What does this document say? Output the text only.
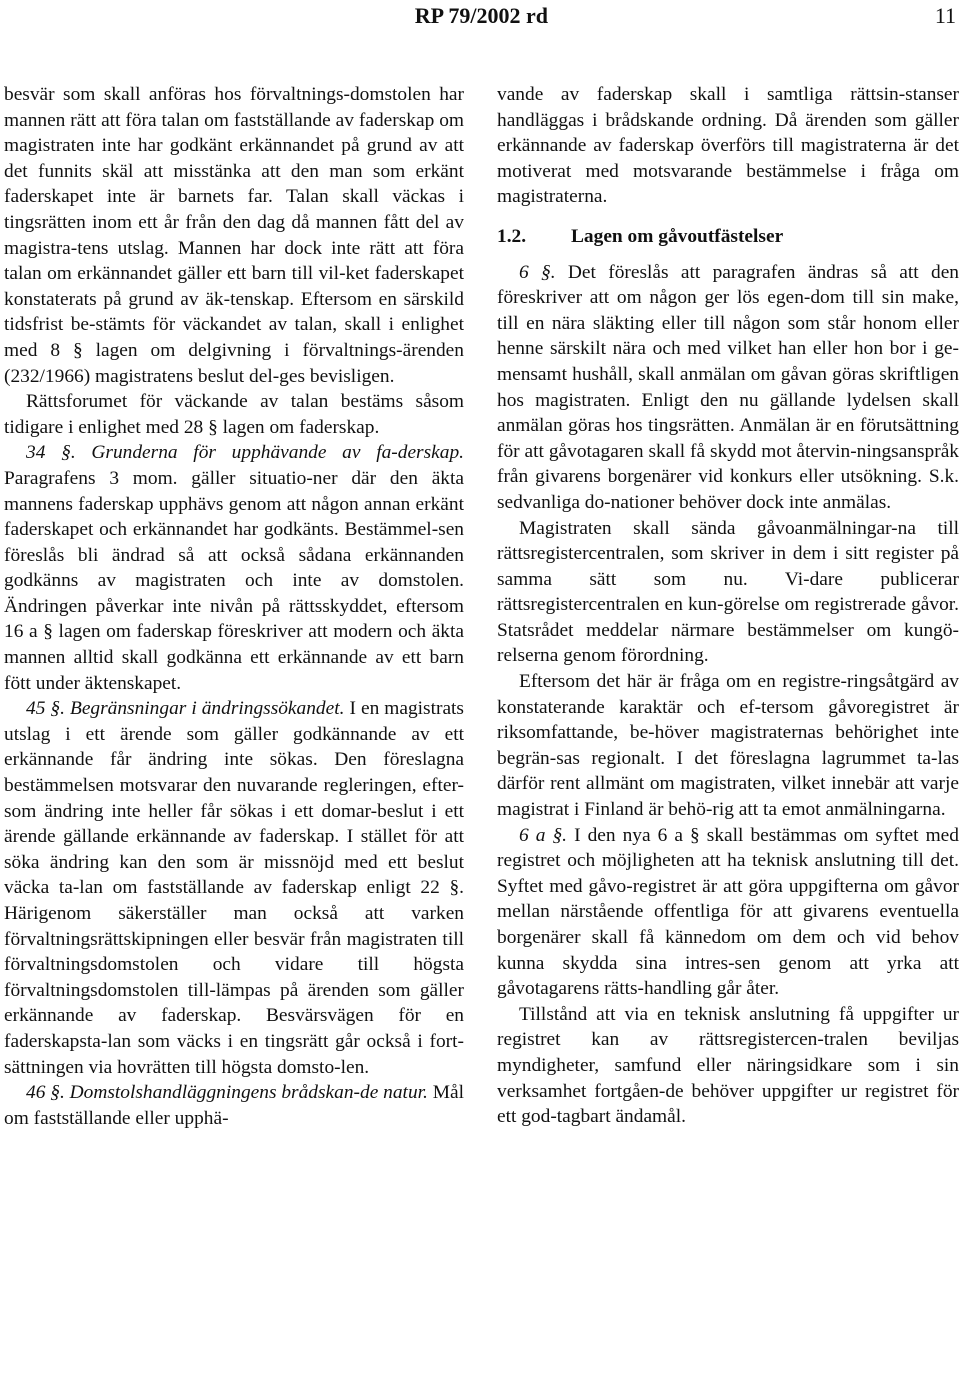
RP 79/2002 rd	11

besvär som skall anföras hos förvaltnings-domstolen har mannen rätt att föra talan om fastställande av faderskap om magistraten inte har godkänt erkännandet på grund av att det funnits skäl att misstänka att den man som erkänt faderskapet inte är barnets far. Talan skall väckas i tingsrätten inom ett år från den dag då mannen fått del av magistra-tens utslag. Mannen har dock inte rätt att föra talan om erkännandet gäller ett barn till vil-ket faderskapet konstaterats på grund av äk-tenskap. Eftersom en särskild tidsfrist be-stämts för väckandet av talan, skall i enlighet med 8 § lagen om delgivning i förvaltnings-ärenden (232/1966) magistratens beslut del-ges bevisligen.

Rättsforumet för väckande av talan bestäms såsom tidigare i enlighet med 28 § lagen om faderskap.

34 §. Grunderna för upphävande av fa-derskap. Paragrafens 3 mom. gäller situatio-ner där den äkta mannens faderskap upphävs genom att någon annan erkänt faderskapet och erkännandet har godkänts. Bestämmel-sen föreslås bli ändrad så att också sådana erkännanden godkänns av magistraten och inte av domstolen. Ändringen påverkar inte nivån på rättsskyddet, eftersom 16 a § lagen om faderskap föreskriver att modern och äkta mannen alltid skall godkänna ett erkännande av ett barn fött under äktenskapet.

45 §. Begränsningar i ändringssökandet. I en magistrats utslag i ett ärende som gäller godkännande av ett erkännande får ändring inte sökas. Den föreslagna bestämmelsen motsvarar den nuvarande regleringen, efter-som ändring inte heller får sökas i ett domar-beslut i ett ärende gällande erkännande av faderskap. I stället för att söka ändring kan den som är missnöjd med ett beslut väcka ta-lan om fastställande av faderskap enligt 22 §. Härigenom säkerställer man också att varken förvaltningsrättskipningen eller besvär från magistraten till förvaltningsdomstolen och vidare till högsta förvaltningsdomstolen till-lämpas på ärenden som gäller erkännande av faderskap. Besvärsvägen för en faderskapsta-lan som väcks i en tingsrätt går också i fort-sättningen via hovrätten till högsta domsto-len.

46 §. Domstolshandläggningens brådskan-de natur. Mål om fastställande eller upphä-

vande av faderskap skall i samtliga rättsin-stanser handläggas i brådskande ordning. Då ärenden som gäller erkännande av faderskap överförs till magistraterna är det motiverat med motsvarande bestämmelse i fråga om magistraterna.

1.2. Lagen om gåvoutfästelser

6 §. Det föreslås att paragrafen ändras så att den föreskriver att om någon ger lös egen-dom till sin make, till en nära släkting eller till någon som står honom eller henne särskilt nära och med vilket han eller hon bor i ge-mensamt hushåll, skall anmälan om gåvan göras skriftligen hos magistraten. Enligt den nu gällande lydelsen skall anmälan göras hos tingsrätten. Anmälan är en förutsättning för att gåvotagaren skall få skydd mot återvin-ningsanspråk från givarens borgenärer vid konkurs eller utsökning. S.k. sedvanliga do-nationer behöver dock inte anmälas.

Magistraten skall sända gåvoanmälningar-na till rättsregistercentralen, som skriver in dem i sitt register på samma sätt som nu. Vi-dare publicerar rättsregistercentralen en kun-görelse om registrerade gåvor. Statsrådet meddelar närmare bestämmelser om kungö-relserna genom förordning.

Eftersom det här är fråga om en registre-ringsåtgärd av konstaterande karaktär och ef-tersom gåvoregistret är riksomfattande, be-höver magistraternas behörighet inte begrän-sas regionalt. I det föreslagna lagrummet ta-las därför rent allmänt om magistraten, vilket innebär att varje magistrat i Finland är behö-rig att ta emot anmälningarna.

6 a §. I den nya 6 a § skall bestämmas om syftet med registret och möjligheten att ha teknisk anslutning till det. Syftet med gåvo-registret är att göra uppgifterna om gåvor mellan närstående offentliga för att givarens eventuella borgenärer skall få kännedom om dem och vid behov kunna skydda sina intres-sen genom att yrka att gåvotagarens rätts-handling går åter.

Tillstånd att via en teknisk anslutning få uppgifter ur registret kan av rättsregistercen-tralen beviljas myndigheter, samfund eller näringsidkare som i sin verksamhet fortgåen-de behöver uppgifter ur registret för ett god-tagbart ändamål.
